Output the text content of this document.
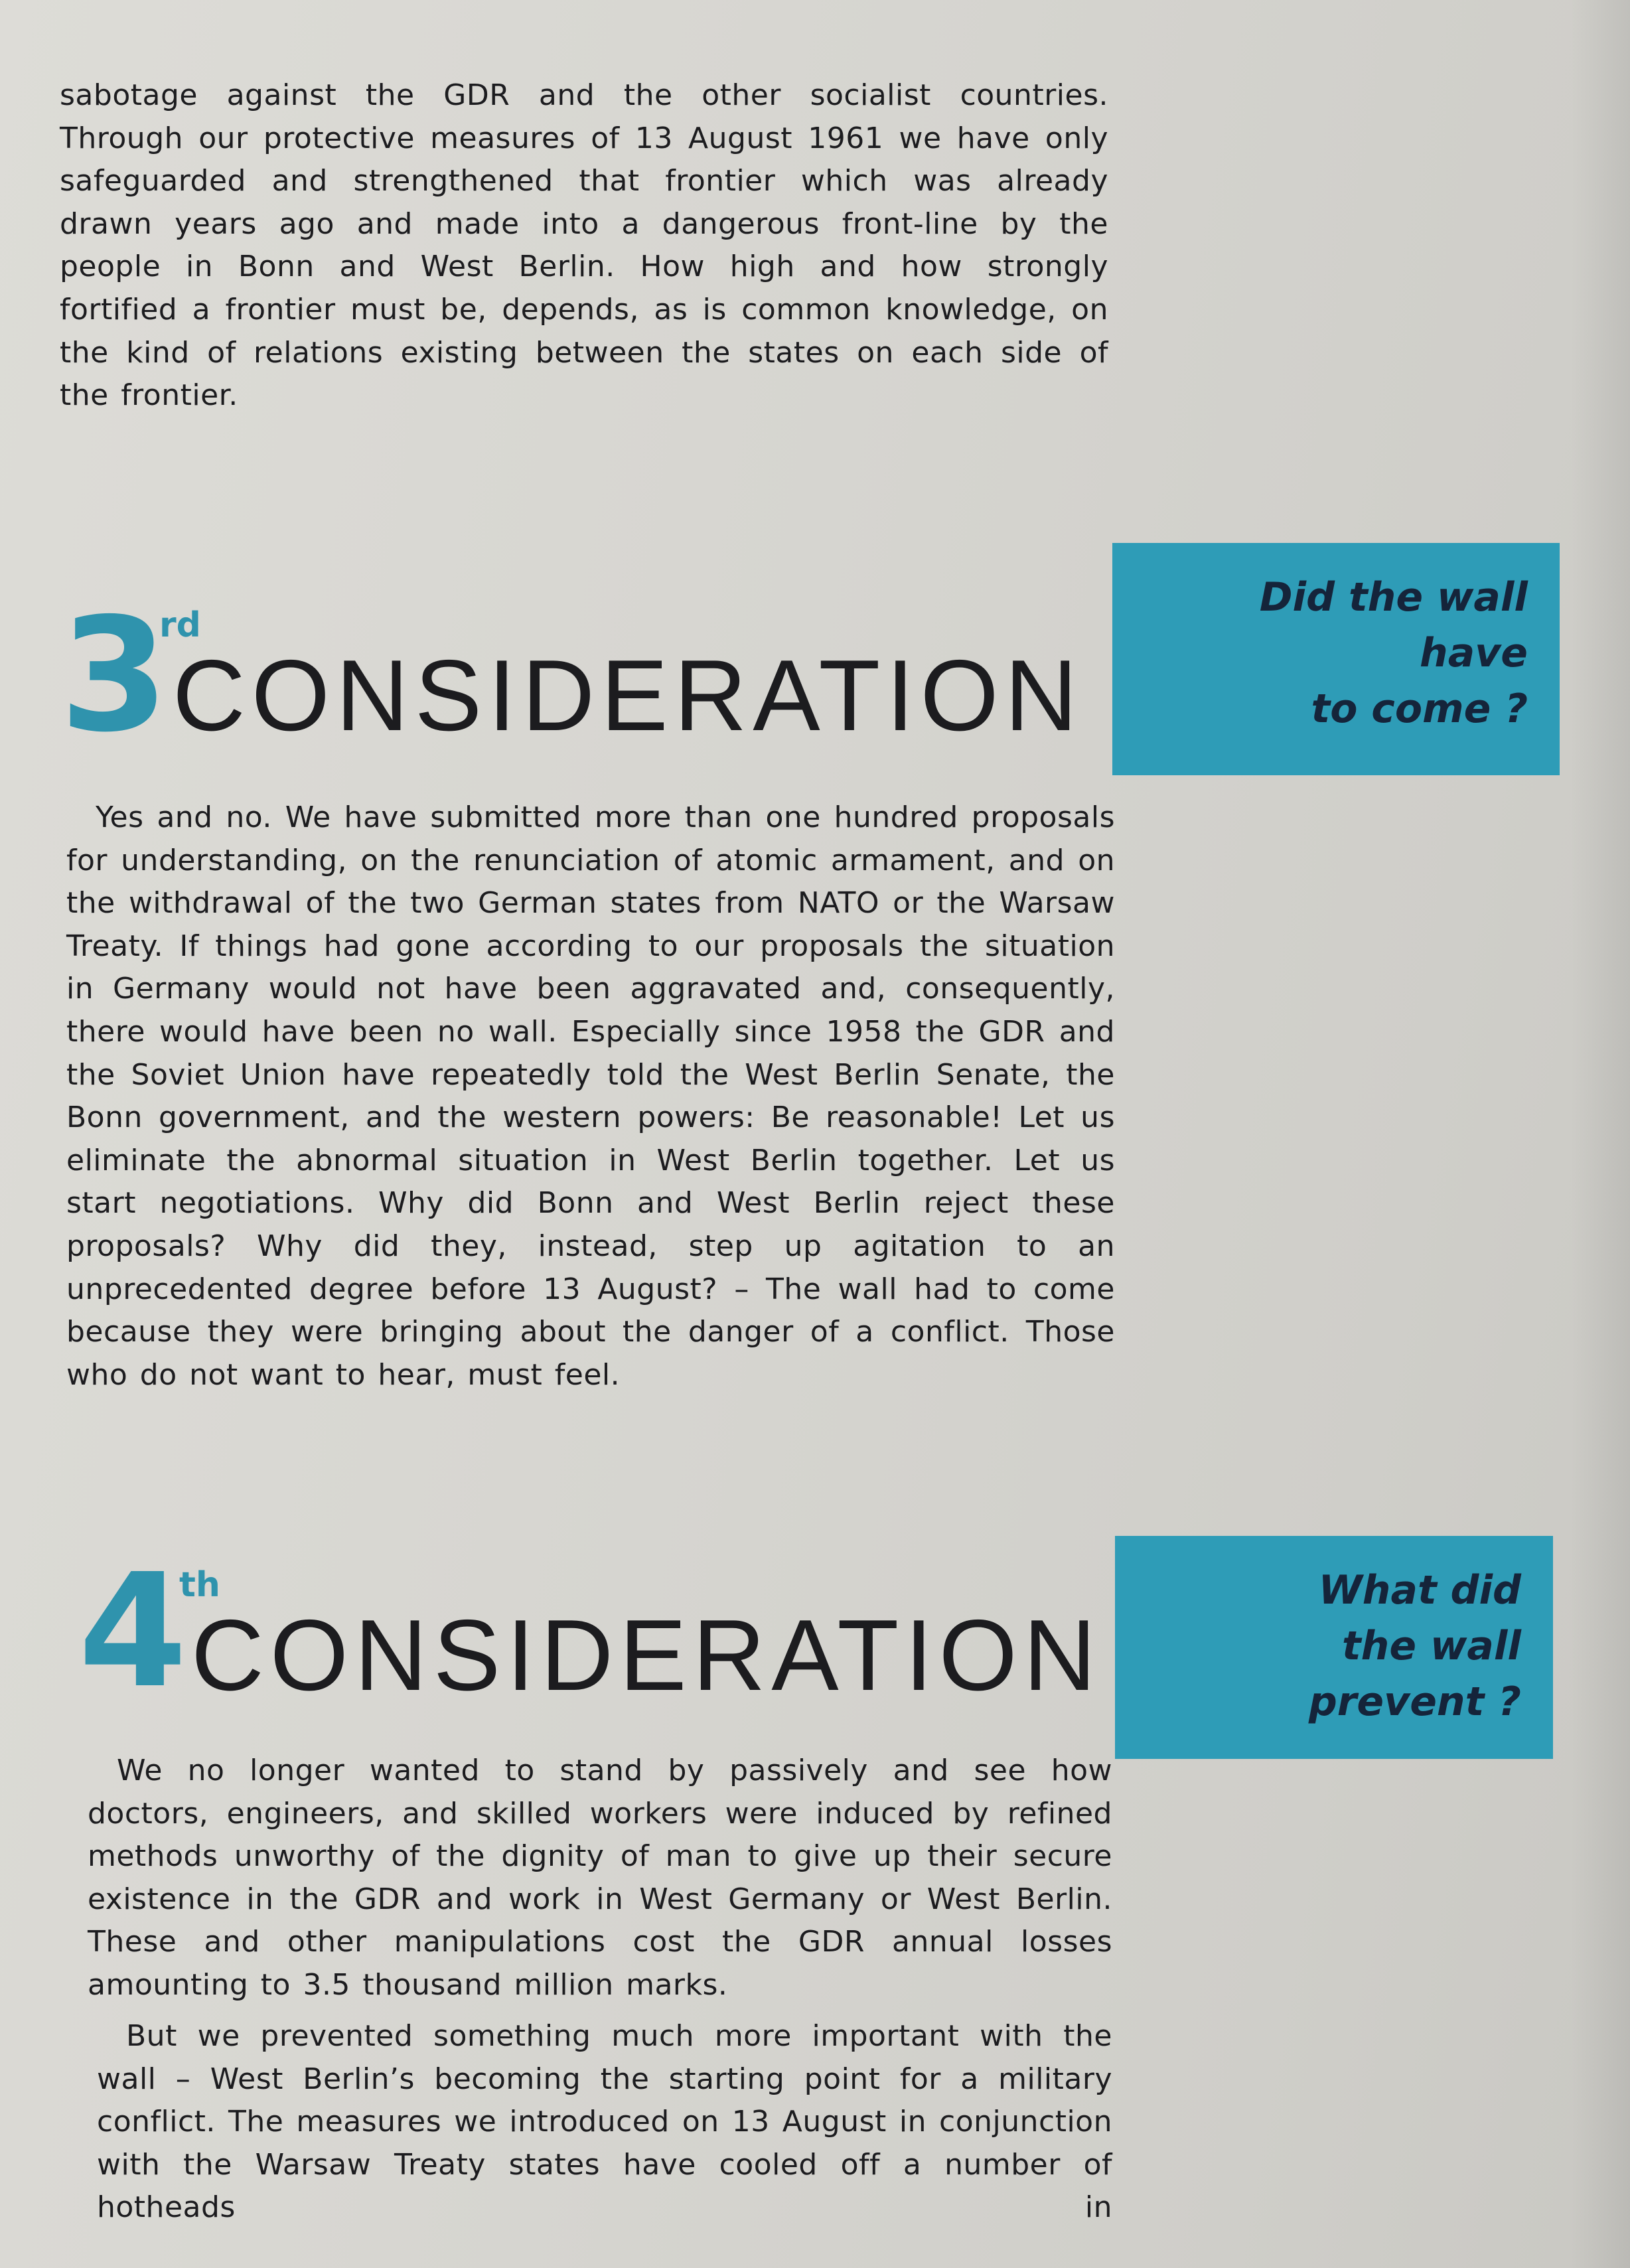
sabotage against the GDR and the other socialist countries. Through our protective measures of 13 August 1961 we have only safeguarded and strengthened that frontier which was already drawn years ago and made into a dangerous front-line by the people in Bonn and West Berlin. How high and how strongly fortified a frontier must be, depends, as is common knowledge, on the kind of relations existing between the states on each side of the frontier.

3
rd
CONSIDERATION
Did the wall
have
to come ?

Yes and no. We have submitted more than one hundred proposals for understanding, on the renunciation of atomic armament, and on the withdrawal of the two German states from NATO or the Warsaw Treaty. If things had gone according to our proposals the situation in Germany would not have been aggravated and, consequently, there would have been no wall. Especially since 1958 the GDR and the Soviet Union have repeatedly told the West Berlin Senate, the Bonn government, and the western powers: Be reasonable! Let us eliminate the abnormal situation in West Berlin together. Let us start negotiations. Why did Bonn and West Berlin reject these proposals? Why did they, instead, step up agitation to an unprecedented degree before 13 August? – The wall had to come because they were bringing about the danger of a conflict. Those who do not want to hear, must feel.

4
th
CONSIDERATION
What did
the wall
prevent ?

We no longer wanted to stand by passively and see how doctors, engineers, and skilled workers were induced by refined methods unworthy of the dignity of man to give up their secure existence in the GDR and work in West Germany or West Berlin. These and other manipulations cost the GDR annual losses amounting to 3.5 thousand million marks.

But we prevented something much more important with the wall – West Berlin’s becoming the starting point for a military conflict. The measures we introduced on 13 August in conjunction with the Warsaw Treaty states have cooled off a number of hotheads in
